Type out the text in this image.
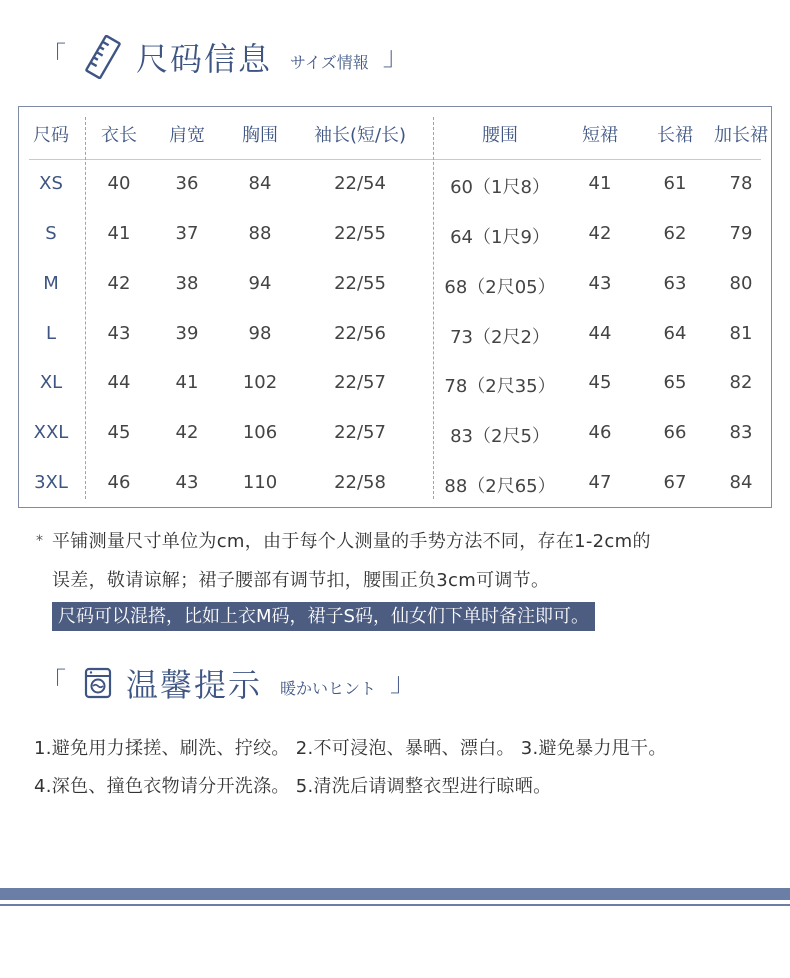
「 尺码信息 サイズ情報 」
尺码 衣长 肩宽 胸围 袖长(短/长)	腰围	短裙 长裙 加长裙
XS 40	36	84	22/54	60（1尺8） 41	61 78
S	41	37	88	22/55	64（1尺9） 42	62 79
M	42	38	94	22/55	68（2尺05） 43	63 80
L	43	39	98	22/56	73（2尺2） 44	64 81
XL	44	41 102	22/57	78（2尺35） 45	65 82
XXL 45	42 106	22/57	83（2尺5） 46	66 83
3XL 46	43 110	22/58	88（2尺65） 47	67 84
* 平铺测量尺寸单位为cm，由于每个人测量的手势方法不同，存在1-2cm的
误差，敬请谅解；裙子腰部有调节扣，腰围正负3cm可调节。
尺码可以混搭，比如上衣M码，裙子S码，仙女们下单时备注即可。
「 温馨提示 暖かいヒント 」
1.避免用力揉搓、刷洗、拧绞。 2.不可浸泡、暴晒、漂白。 3.避免暴力甩干。
4.深色、撞色衣物请分开洗涤。 5.清洗后请调整衣型进行晾晒。
